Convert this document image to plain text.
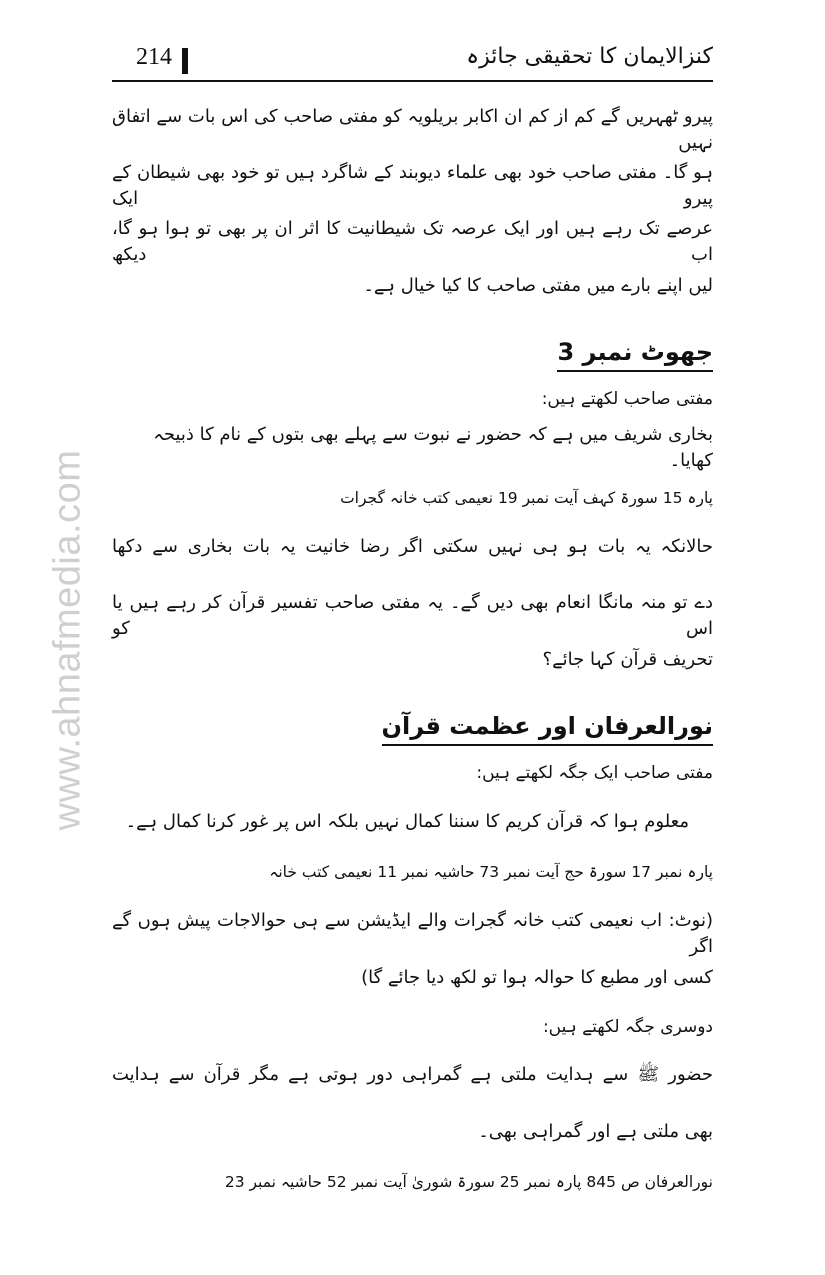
www.ahnafmedia.com
214	کنزالایمان کا تحقیقی جائزہ

پیرو ٹھہریں گے کم از کم ان اکابر بریلویہ کو مفتی صاحب کی اس بات سے اتفاق نہیں

ہو گا۔ مفتی صاحب خود بھی علماء دیوبند کے شاگرد ہیں تو خود بھی شیطان کے پیرو ایک

عرصے تک رہے ہیں اور ایک عرصہ تک شیطانیت کا اثر ان پر بھی تو ہوا ہو گا، اب دیکھ

لیں اپنے بارے میں مفتی صاحب کا کیا خیال ہے۔

جھوٹ نمبر 3

مفتی صاحب لکھتے ہیں:

بخاری شریف میں ہے کہ حضور نے نبوت سے پہلے بھی بتوں کے نام کا ذبیحہ کھایا۔

پارہ 15 سورۃ کہف آیت نمبر 19 نعیمی کتب خانہ گجرات

حالانکہ یہ بات ہو ہی نہیں سکتی اگر رضا خانیت یہ بات بخاری سے دکھا

دے تو منہ مانگا انعام بھی دیں گے۔ یہ مفتی صاحب تفسیر قرآن کر رہے ہیں یا اس کو

تحریف قرآن کہا جائے؟

نورالعرفان اور عظمت قرآن

مفتی صاحب ایک جگہ لکھتے ہیں:

معلوم ہوا کہ قرآن کریم کا سننا کمال نہیں بلکہ اس پر غور کرنا کمال ہے۔

پارہ نمبر 17 سورۃ حج آیت نمبر 73 حاشیہ نمبر 11 نعیمی کتب خانہ

(نوٹ: اب نعیمی کتب خانہ گجرات والے ایڈیشن سے ہی حوالاجات پیش ہوں گے اگر

کسی اور مطبع کا حوالہ ہوا تو لکھ دیا جائے گا)

دوسری جگہ لکھتے ہیں:

حضور ﷺ سے ہدایت ملتی ہے گمراہی دور ہوتی ہے مگر قرآن سے ہدایت

بھی ملتی ہے اور گمراہی بھی۔

نورالعرفان ص 845 پارہ نمبر 25 سورۃ شوریٰ آیت نمبر 52 حاشیہ نمبر 23
